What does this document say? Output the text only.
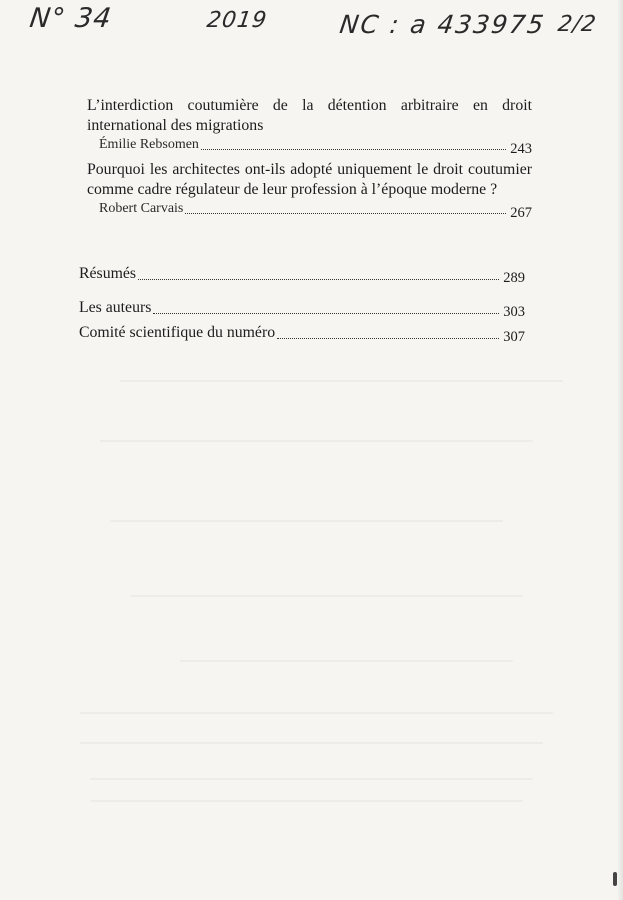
N° 34	2019	NC : a 433975 2/2

L’interdiction coutumière de la détention arbitraire en droit international des migrations

Émilie Rebsomen	243

Pourquoi les architectes ont-ils adopté uniquement le droit coutumier comme cadre régulateur de leur profession à l’époque moderne ?

Robert Carvais	267
Résumés	289
Les auteurs	303
Comité scientifique du numéro	307
